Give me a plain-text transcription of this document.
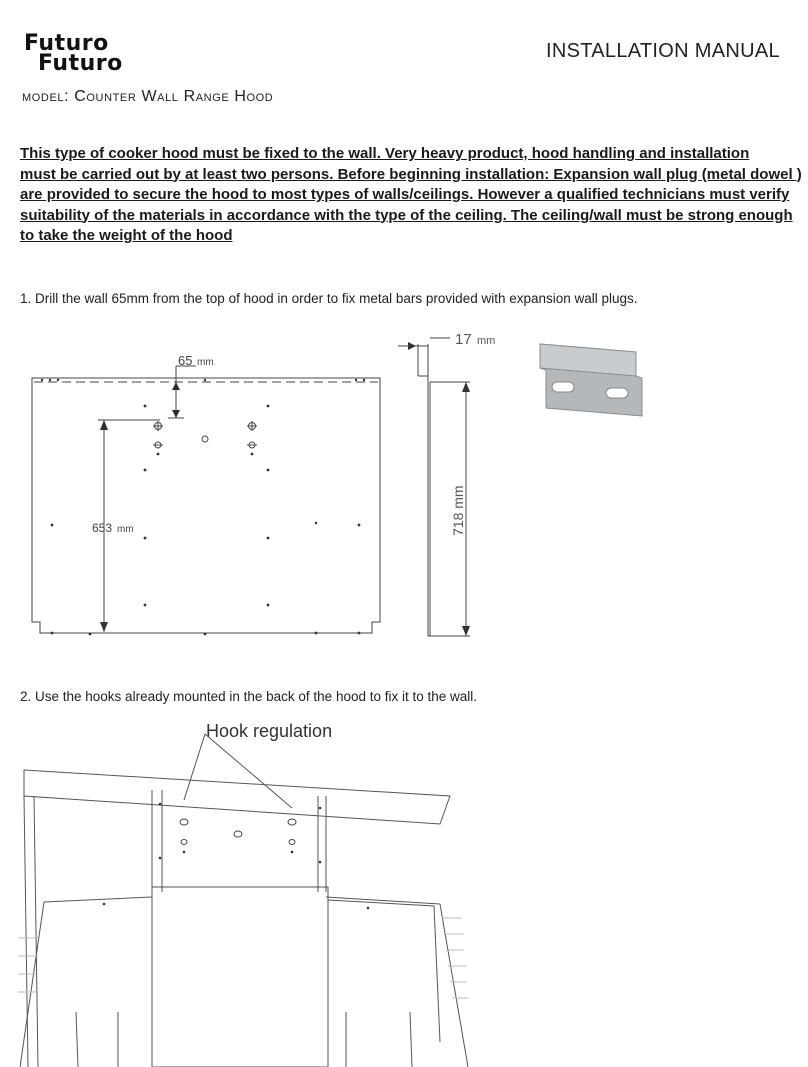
Futuro
Futuro	INSTALLATION MANUAL
model: Counter Wall Range Hood
This type of cooker hood must be fixed to the wall. Very heavy product, hood handling and installation
must be carried out by at least two persons. Before beginning installation: Expansion wall plug (metal dowel )
are provided to secure the hood to most types of walls/ceilings. However a qualified technicians must verify
suitability of the materials in accordance with the type of the ceiling. The ceiling/wall must be strong enough
to take the weight of the hood
1. Drill the wall 65mm from the top of hood in order to fix metal bars provided with expansion wall plugs.
65 mm
653 mm
17 mm
718 mm
2. Use the hooks already mounted in the back of the hood to fix it to the wall.
Hook regulation
